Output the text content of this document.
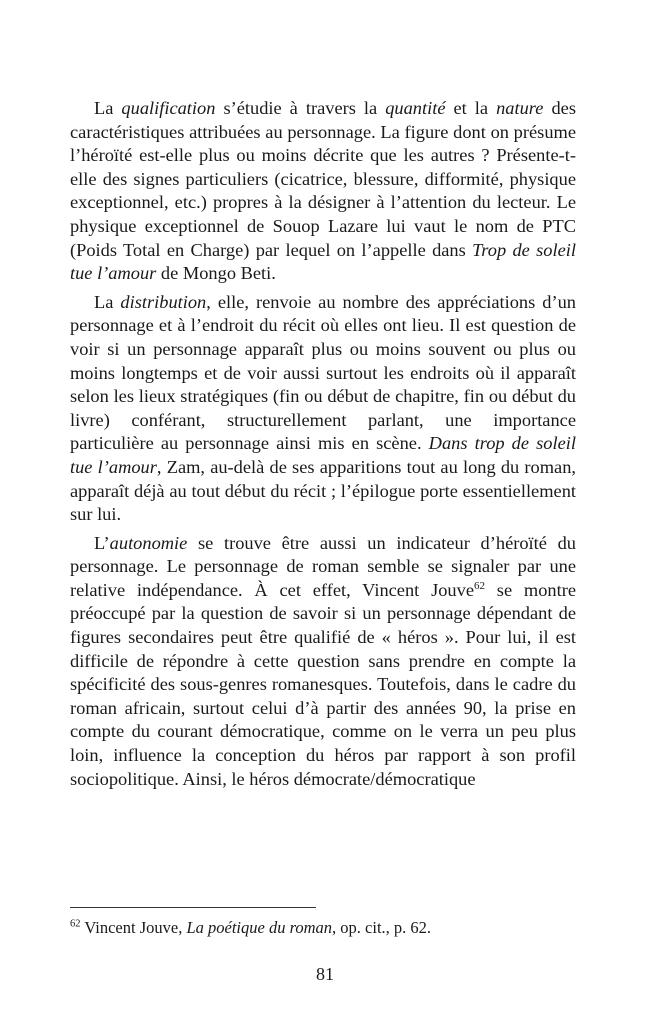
La qualification s’étudie à travers la quantité et la nature des caractéristiques attribuées au personnage. La figure dont on présume l’héroïté est-elle plus ou moins décrite que les autres ? Présente-t-elle des signes particuliers (cicatrice, blessure, difformité, physique exceptionnel, etc.) propres à la désigner à l’attention du lecteur. Le physique exceptionnel de Souop Lazare lui vaut le nom de PTC (Poids Total en Charge) par lequel on l’appelle dans Trop de soleil tue l’amour de Mongo Beti.

La distribution, elle, renvoie au nombre des appréciations d’un personnage et à l’endroit du récit où elles ont lieu. Il est question de voir si un personnage apparaît plus ou moins souvent ou plus ou moins longtemps et de voir aussi surtout les endroits où il apparaît selon les lieux stratégiques (fin ou début de chapitre, fin ou début du livre) conférant, structurellement parlant, une importance particulière au personnage ainsi mis en scène. Dans trop de soleil tue l’amour, Zam, au-delà de ses apparitions tout au long du roman, apparaît déjà au tout début du récit ; l’épilogue porte essentiellement sur lui.

L’autonomie se trouve être aussi un indicateur d’héroïté du personnage. Le personnage de roman semble se signaler par une relative indépendance. À cet effet, Vincent Jouve$^{62}$ se montre préoccupé par la question de savoir si un personnage dépendant de figures secondaires peut être qualifié de « héros ». Pour lui, il est difficile de répondre à cette question sans prendre en compte la spécificité des sous-genres romanesques. Toutefois, dans le cadre du roman africain, surtout celui d’à partir des années 90, la prise en compte du courant démocratique, comme on le verra un peu plus loin, influence la conception du héros par rapport à son profil sociopolitique. Ainsi, le héros démocrate/démocratique

$^{62}$ Vincent Jouve, La poétique du roman, op. cit., p. 62.

81
